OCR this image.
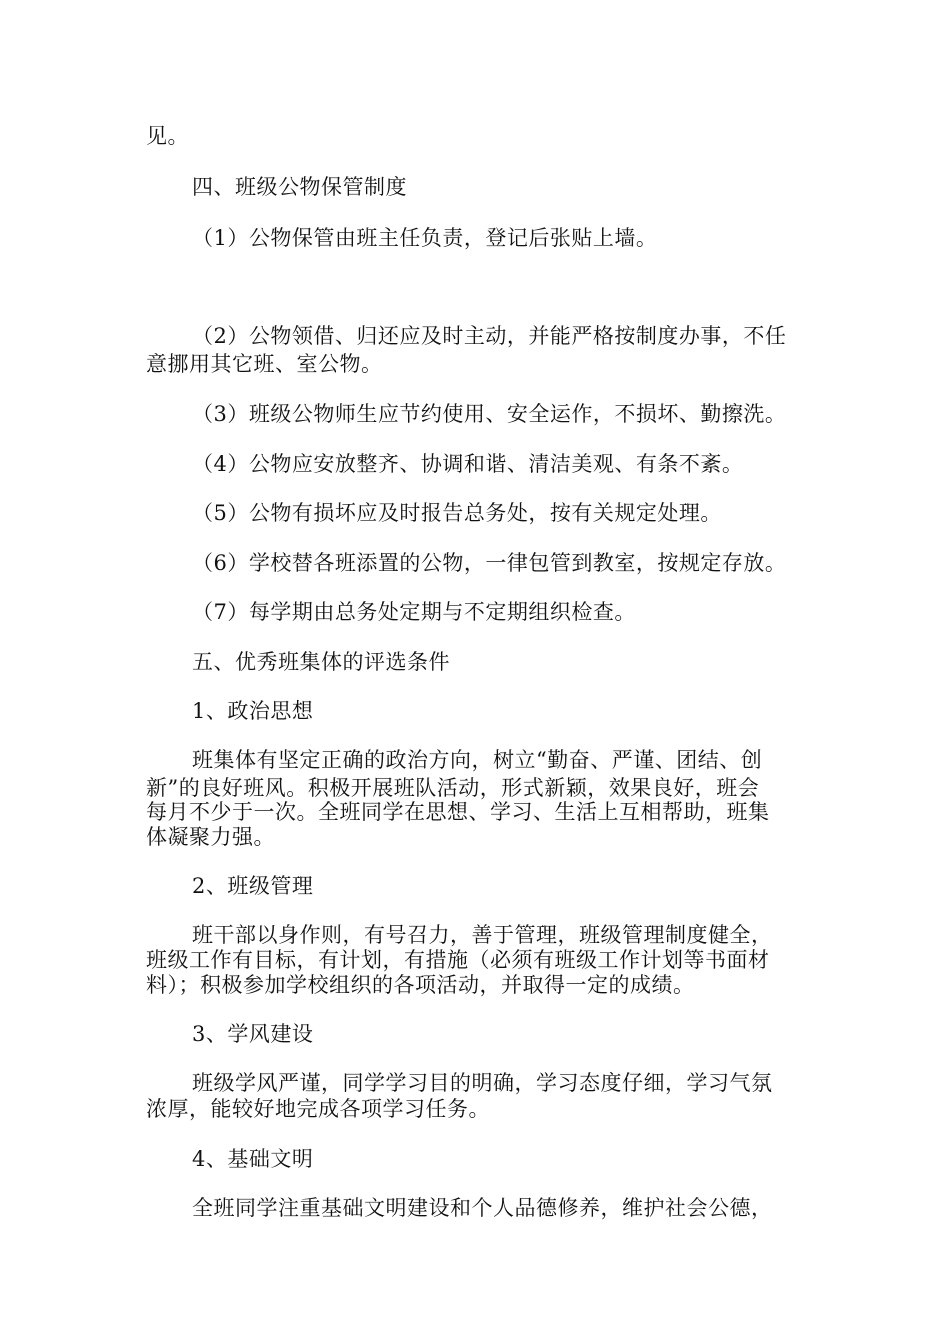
见。
四、班级公物保管制度
（1）公物保管由班主任负责，登记后张贴上墙。
（2）公物领借、归还应及时主动，并能严格按制度办事，不任
意挪用其它班、室公物。
（3）班级公物师生应节约使用、安全运作，不损坏、勤擦洗。
（4）公物应安放整齐、协调和谐、清洁美观、有条不紊。
（5）公物有损坏应及时报告总务处，按有关规定处理。
（6）学校替各班添置的公物，一律包管到教室，按规定存放。
（7）每学期由总务处定期与不定期组织检查。
五、优秀班集体的评选条件
1、政治思想
班集体有坚定正确的政治方向，树立“勤奋、严谨、团结、创
新”的良好班风。积极开展班队活动，形式新颖，效果良好，班会
每月不少于一次。全班同学在思想、学习、生活上互相帮助，班集
体凝聚力强。
2、班级管理
班干部以身作则，有号召力，善于管理，班级管理制度健全，
班级工作有目标，有计划，有措施（必须有班级工作计划等书面材
料）；积极参加学校组织的各项活动，并取得一定的成绩。
3、学风建设
班级学风严谨，同学学习目的明确，学习态度仔细，学习气氛
浓厚，能较好地完成各项学习任务。
4、基础文明
全班同学注重基础文明建设和个人品德修养，维护社会公德，
